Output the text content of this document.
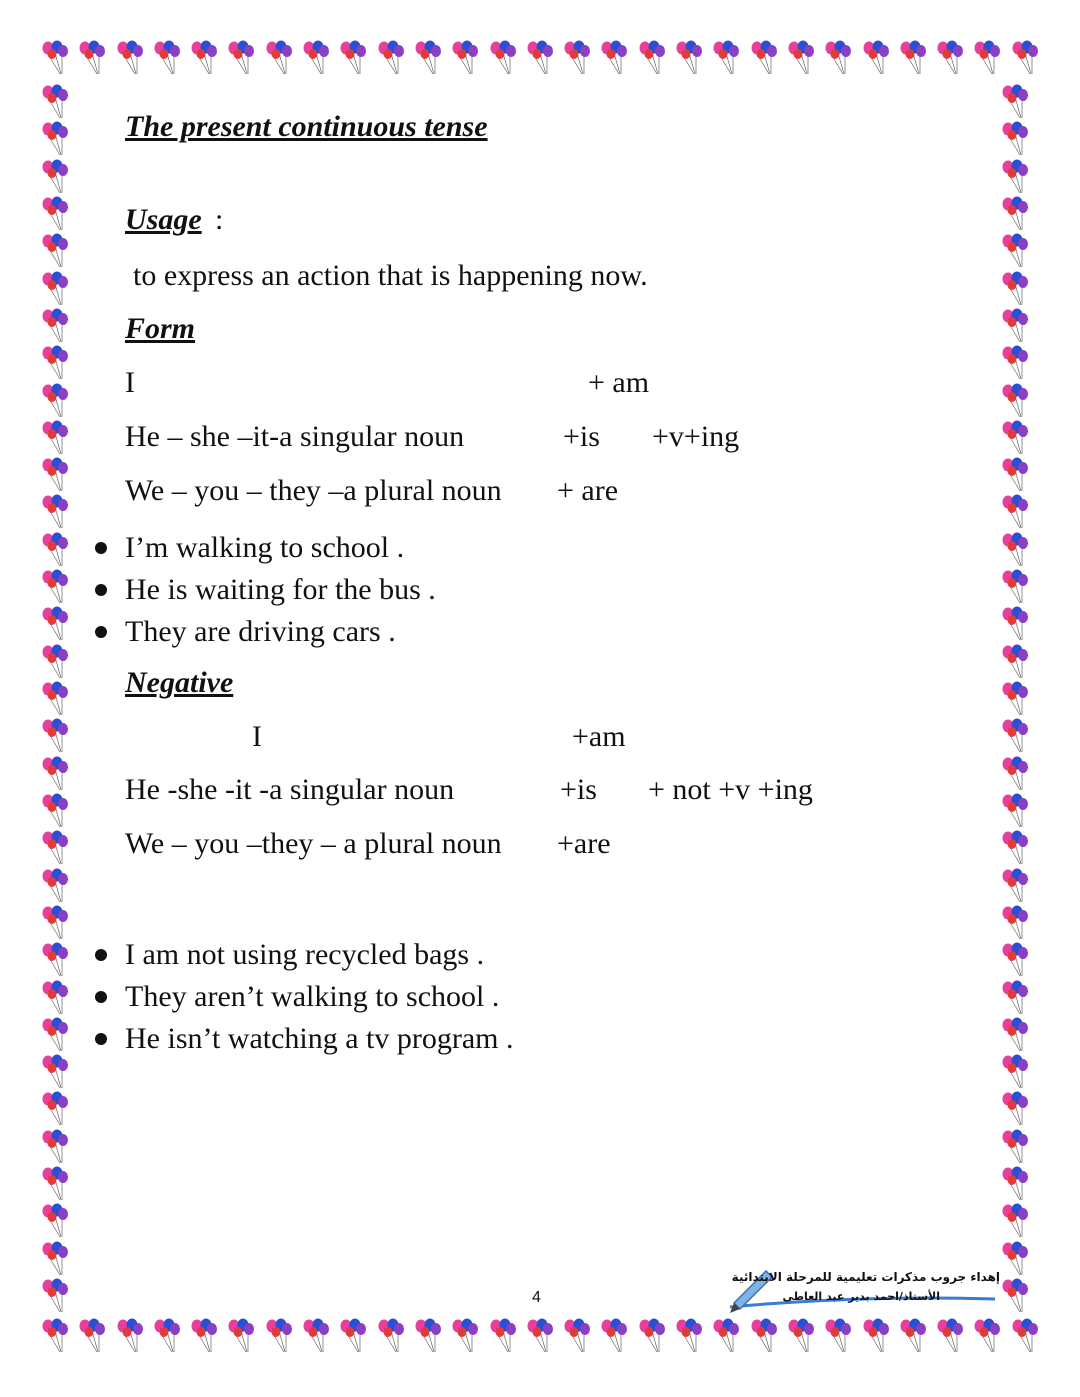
The present continuous tense
Usage :
to express an action that is happening now.
Form
I	+ am
He – she –it-a singular noun	+is +v+ing
We – you – they –a plural noun + are
I’m walking to school .
He is waiting for the bus .
They are driving cars .
Negative
I	+am
He -she -it -a singular noun	+is + not +v +ing
We – you –they – a plural noun +are
I am not using recycled bags .
They aren’t walking to school .
He isn’t watching a tv program .
4
إهداء جروب مذكرات تعليمية للمرحلة الابتدائية
الأستاذ/احمد بدير عبد العاطى
